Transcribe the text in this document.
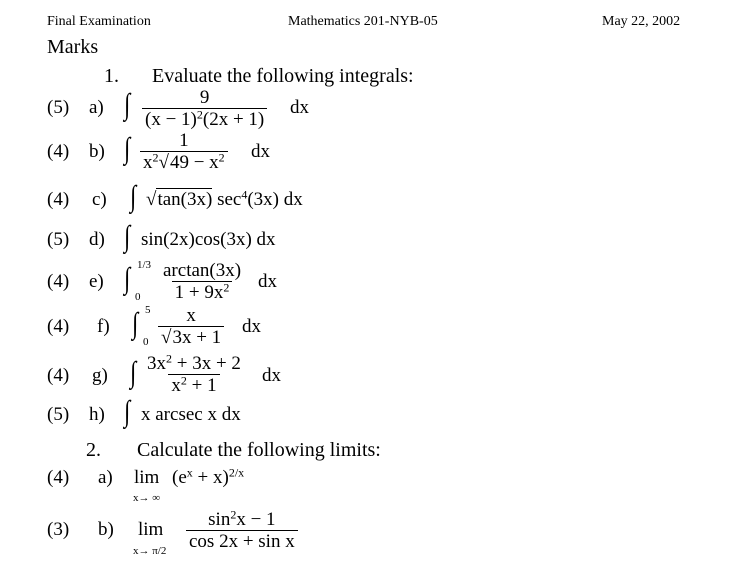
Final Examination	Mathematics 201-NYB-05	May 22, 2002
Marks
1. Evaluate the following integrals:
(5) a) ∫ $\frac{9}{(x - 1)^2(2x + 1)}$ dx
(4) b) ∫ $\frac{1}{x^2√49 - x^2}$ dx
(4) c) ∫ √tan(3x) $\sec^4(3x)$ dx
(5) d) ∫ sin(2x)cos(3x) dx
(4) e) ∫ 1/3
$0 \frac{\arctan(3x)}{1 + 9x^2}$ dx
(4) f) ∫ 5
$0 \frac{x}{√3x + 1}$ dx
(4) g) ∫ $\frac{3x^2 + 3x + 2}{x^2 + 1}$ dx
(5) h) ∫ x arcsec x dx
2. Calculate the following limits:
(4) a) lim
x→ ∞
$(e^x + x)^{2/x}$
(3) b) lim
$x\to \pi/2 \frac{\sin^2x - 1}{\text{cos 2x + sin x}}$
